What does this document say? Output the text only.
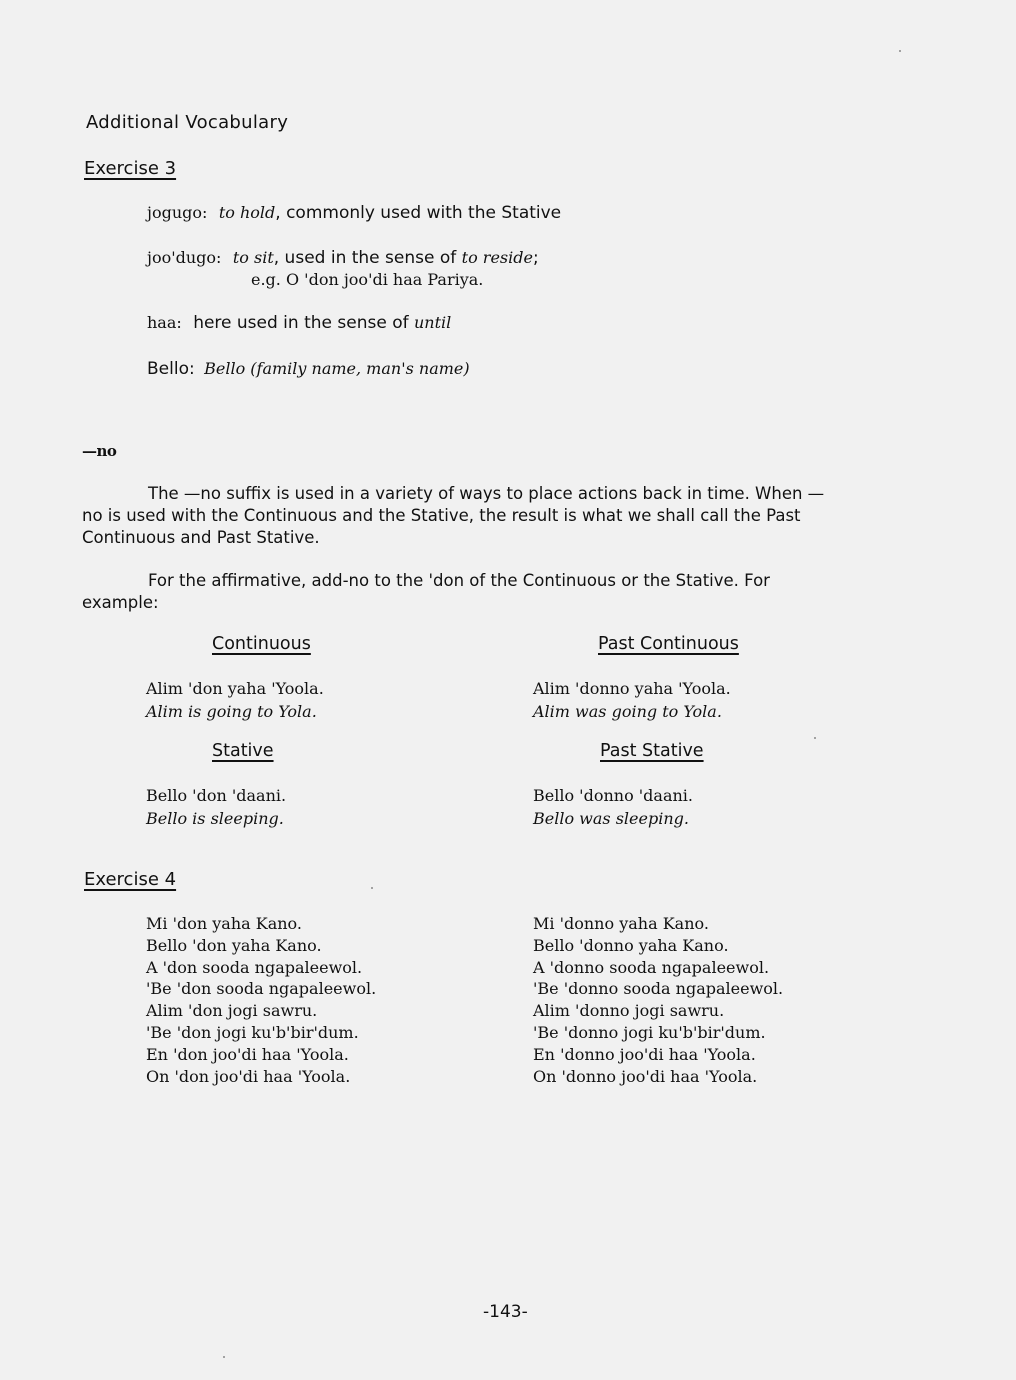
Additional Vocabulary
Exercise 3
jogugo: to hold, commonly used with the Stative
joo'dugo: to sit, used in the sense of to reside;
e.g. O 'don joo'di haa Pariya.
haa: here used in the sense of until
Bello: Bello (family name, man's name)
—no
The —no suffix is used in a variety of ways to place actions back in time. When —
no is used with the Continuous and the Stative, the result is what we shall call the Past
Continuous and Past Stative.
For the affirmative, add-no to the 'don of the Continuous or the Stative. For
example:
Continuous	Past Continuous
Alim 'don yaha 'Yoola.
Alim is going to Yola.
Alim 'donno yaha 'Yoola.
Alim was going to Yola.
Stative	Past Stative
Bello 'don 'daani.
Bello is sleeping.
Bello 'donno 'daani.
Bello was sleeping.
Exercise 4
Mi 'don yaha Kano.
Bello 'don yaha Kano.
A 'don sooda ngapaleewol.
'Be 'don sooda ngapaleewol.
Alim 'don jogi sawru.
'Be 'don jogi ku'b'bir'dum.
En 'don joo'di haa 'Yoola.
On 'don joo'di haa 'Yoola.
Mi 'donno yaha Kano.
Bello 'donno yaha Kano.
A 'donno sooda ngapaleewol.
'Be 'donno sooda ngapaleewol.
Alim 'donno jogi sawru.
'Be 'donno jogi ku'b'bir'dum.
En 'donno joo'di haa 'Yoola.
On 'donno joo'di haa 'Yoola.
-143-
